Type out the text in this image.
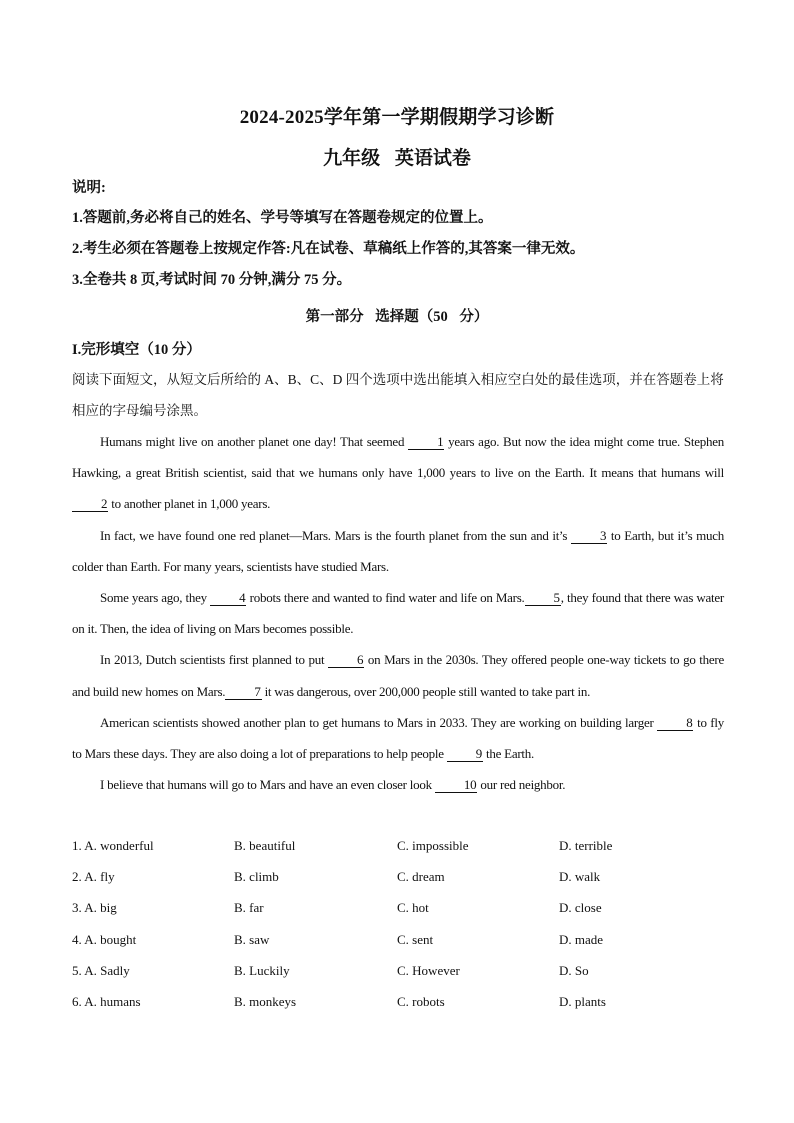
2024-2025学年第一学期假期学习诊断
九年级 英语试卷
说明:
1.答题前,务必将自己的姓名、学号等填写在答题卷规定的位置上。
2.考生必须在答题卷上按规定作答:凡在试卷、草稿纸上作答的,其答案一律无效。
3.全卷共 8 页,考试时间 70 分钟,满分 75 分。
第一部分 选择题（50 分）
I.完形填空（10 分）
阅读下面短文，从短文后所给的 A、B、C、D 四个选项中选出能填入相应空白处的最佳选项，并在答题卷上将相应的字母编号涂黑。

Humans might live on another planet one day! That seemed 1 years ago. But now the idea might come true. Stephen Hawking, a great British scientist, said that we humans only have 1,000 years to live on the Earth. It means that humans will 2 to another planet in 1,000 years.

In fact, we have found one red planet—Mars. Mars is the fourth planet from the sun and it’s 3 to Earth, but it’s much colder than Earth. For many years, scientists have studied Mars.

Some years ago, they 4 robots there and wanted to find water and life on Mars. 5, they found that there was water on it. Then, the idea of living on Mars becomes possible.

In 2013, Dutch scientists first planned to put 6 on Mars in the 2030s. They offered people one-way tickets to go there and build new homes on Mars. 7 it was dangerous, over 200,000 people still wanted to take part in.

American scientists showed another plan to get humans to Mars in 2033. They are working on building larger 8 to fly to Mars these days. They are also doing a lot of preparations to help people 9 the Earth.

I believe that humans will go to Mars and have an even closer look 10 our red neighbor.

1. A. wonderful	B. beautiful	C. impossible	D. terrible
2. A. fly	B. climb	C. dream	D. walk
3. A. big	B. far	C. hot	D. close
4. A. bought	B. saw	C. sent	D. made
5. A. Sadly	B. Luckily	C. However	D. So
6. A. humans	B. monkeys	C. robots	D. plants
